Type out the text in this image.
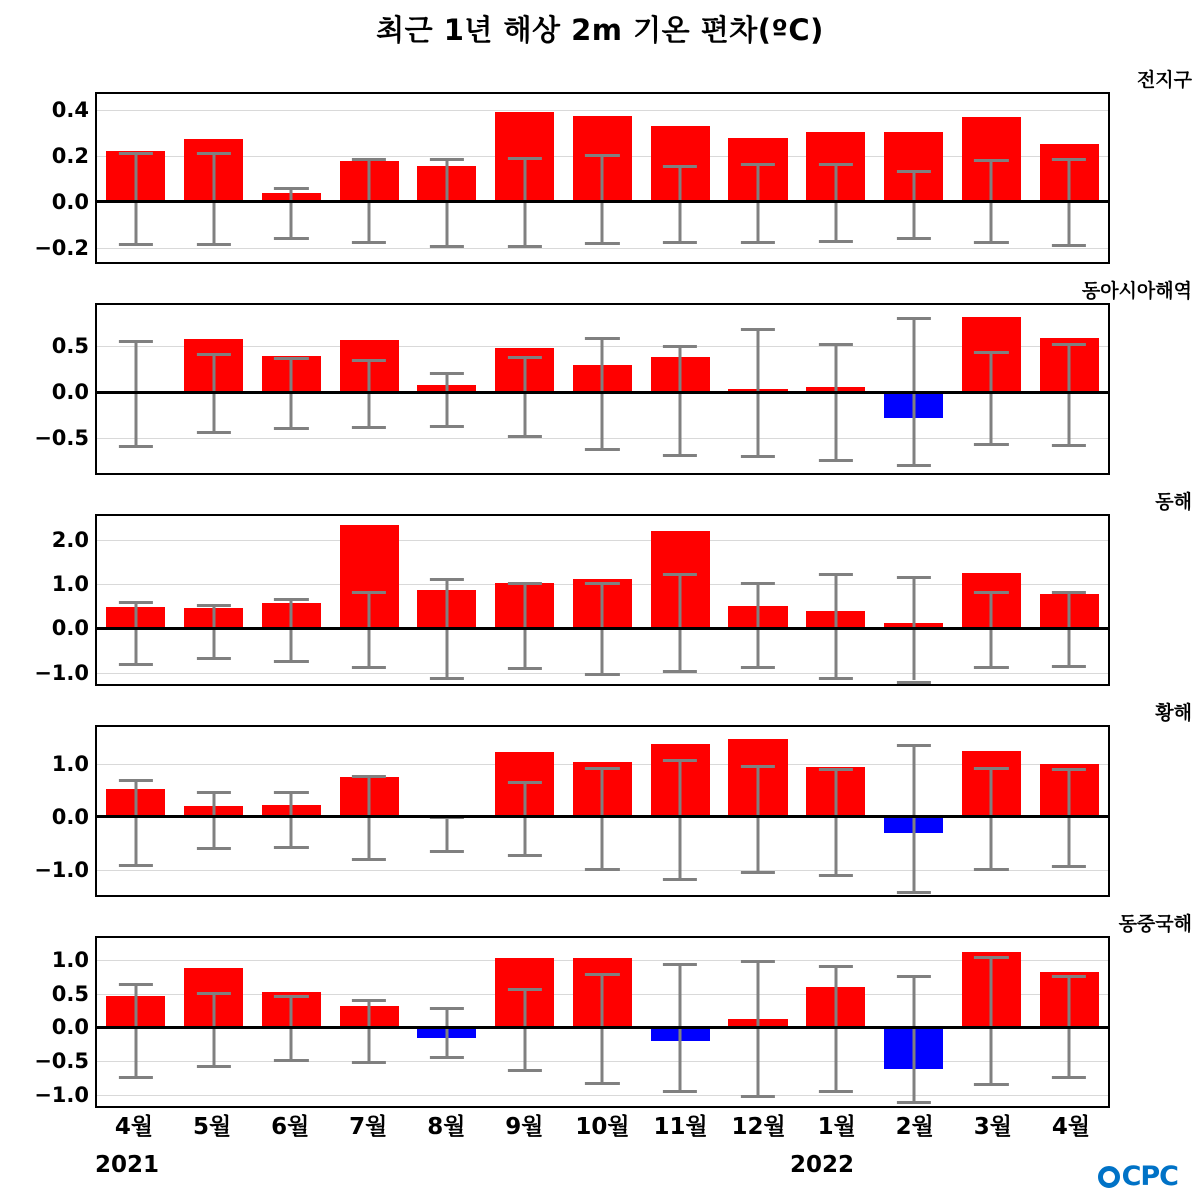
최근 1년 해상 2m 기온 편차(ºC)
전지구
−0.2
0.0
0.2
0.4
동아시아해역
−0.5
0.0
0.5
동해
−1.0
0.0
1.0
2.0
황해
−1.0
0.0
1.0
동중국해
−1.0
−0.5
0.0
0.5
1.0
4월 5월 6월 7월 8월 9월 10월 11월 12월 1월 2월 3월 4월
2021	2022	CPC
